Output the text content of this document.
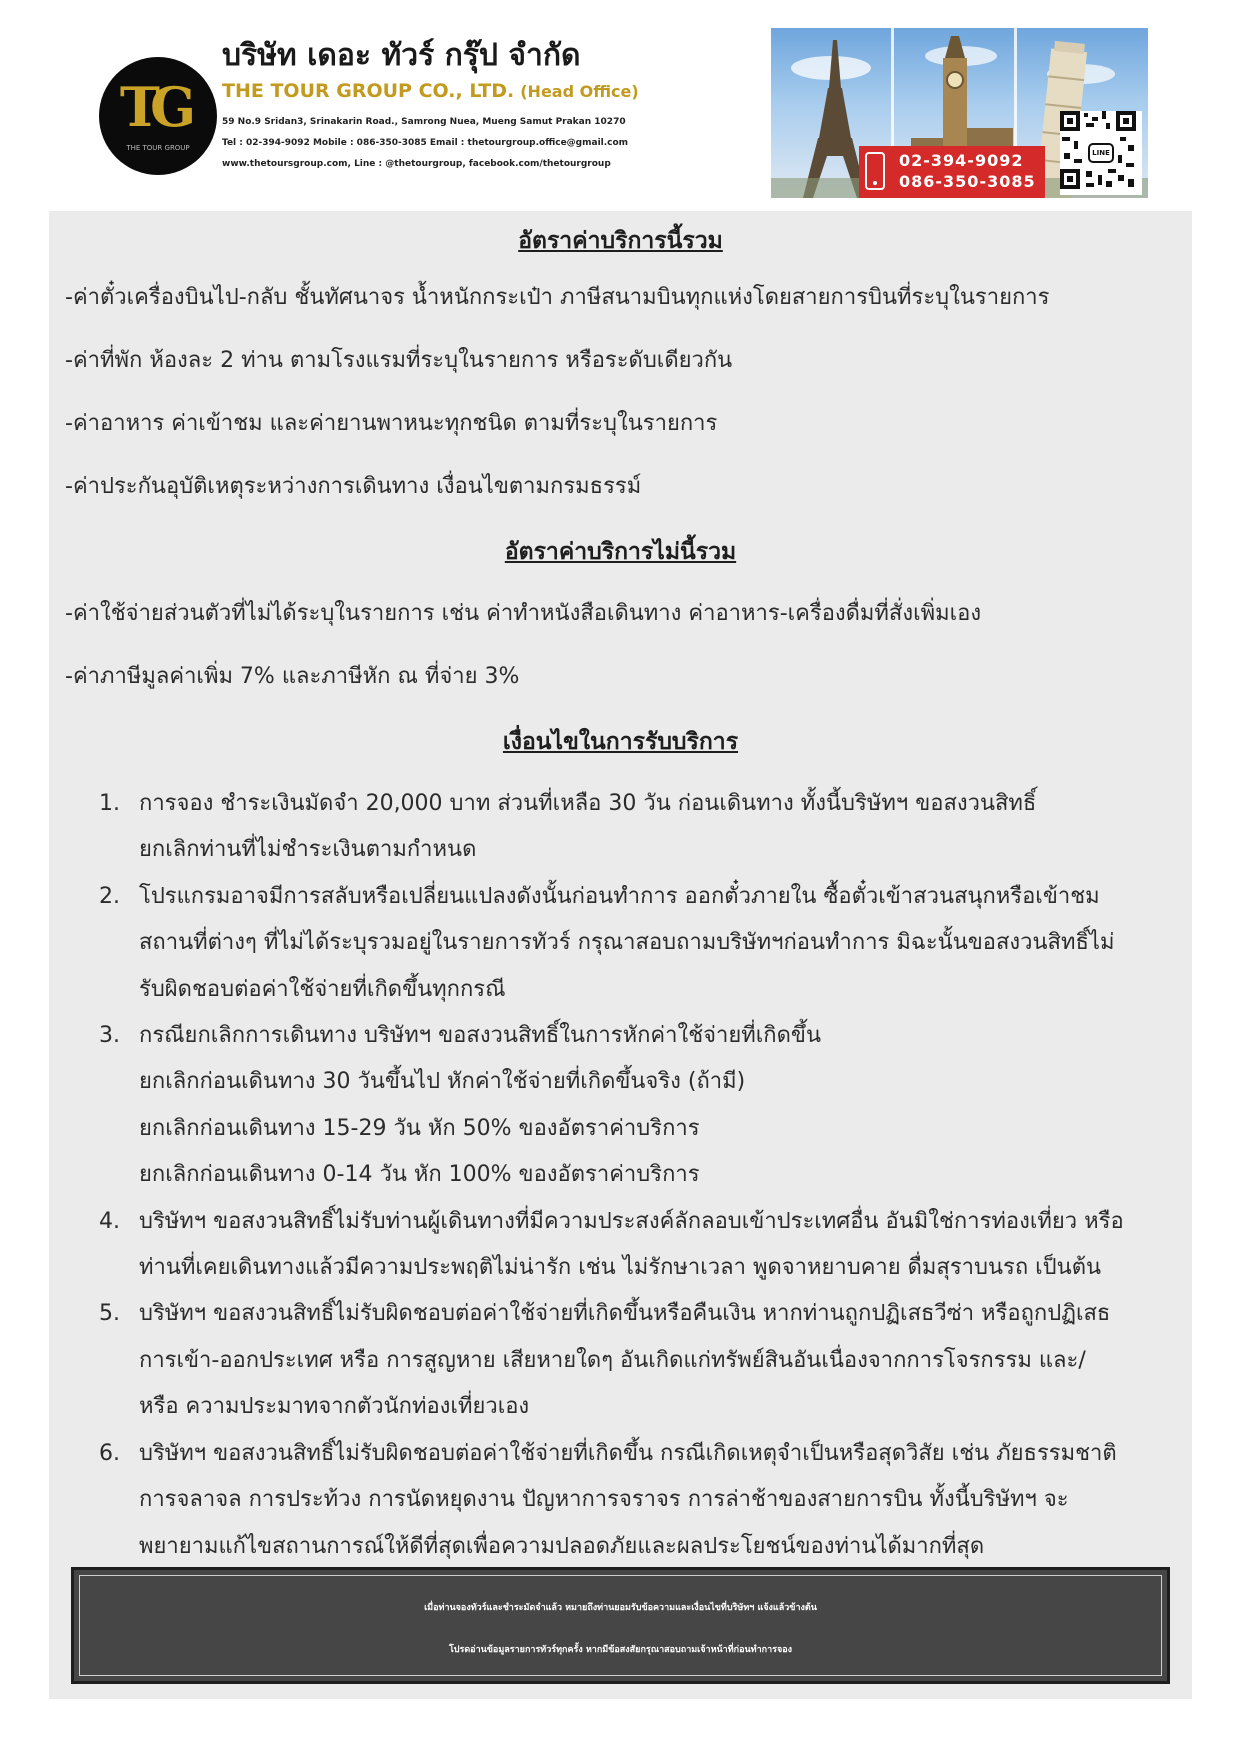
TG
THE TOUR GROUP
บริษัท เดอะ ทัวร์ กรุ๊ป จำกัด
THE TOUR GROUP CO., LTD. (Head Office)
59 No.9 Sridan3, Srinakarin Road., Samrong Nuea, Mueng Samut Prakan 10270
Tel : 02-394-9092 Mobile : 086-350-3085 Email : thetourgroup.office@gmail.com
www.thetoursgroup.com, Line : @thetourgroup, facebook.com/thetourgroup	02-394-9092
086-350-3085
LINE
อัตราค่าบริการนี้รวม
-ค่าตั๋วเครื่องบินไป-กลับ ชั้นทัศนาจร น้ำหนักกระเป๋า ภาษีสนามบินทุกแห่งโดยสายการบินที่ระบุในรายการ
-ค่าที่พัก ห้องละ 2 ท่าน ตามโรงแรมที่ระบุในรายการ หรือระดับเดียวกัน
-ค่าอาหาร ค่าเข้าชม และค่ายานพาหนะทุกชนิด ตามที่ระบุในรายการ
-ค่าประกันอุบัติเหตุระหว่างการเดินทาง เงื่อนไขตามกรมธรรม์
อัตราค่าบริการไม่นี้รวม
-ค่าใช้จ่ายส่วนตัวที่ไม่ได้ระบุในรายการ เช่น ค่าทำหนังสือเดินทาง ค่าอาหาร-เครื่องดื่มที่สั่งเพิ่มเอง
-ค่าภาษีมูลค่าเพิ่ม 7% และภาษีหัก ณ ที่จ่าย 3%
เงื่อนไขในการรับบริการ
1. การจอง ชำระเงินมัดจำ 20,000 บาท ส่วนที่เหลือ 30 วัน ก่อนเดินทาง ทั้งนี้บริษัทฯ ขอสงวนสิทธิ์
ยกเลิกท่านที่ไม่ชำระเงินตามกำหนด
2. โปรแกรมอาจมีการสลับหรือเปลี่ยนแปลงดังนั้นก่อนทำการ ออกตั๋วภายใน ซื้อตั๋วเข้าสวนสนุกหรือเข้าชม
สถานที่ต่างๆ ที่ไม่ได้ระบุรวมอยู่ในรายการทัวร์ กรุณาสอบถามบริษัทฯก่อนทำการ มิฉะนั้นขอสงวนสิทธิ์ไม่
รับผิดชอบต่อค่าใช้จ่ายที่เกิดขึ้นทุกกรณี
3. กรณียกเลิกการเดินทาง บริษัทฯ ขอสงวนสิทธิ์ในการหักค่าใช้จ่ายที่เกิดขึ้น
ยกเลิกก่อนเดินทาง 30 วันขึ้นไป หักค่าใช้จ่ายที่เกิดขึ้นจริง (ถ้ามี)
ยกเลิกก่อนเดินทาง 15-29 วัน หัก 50% ของอัตราค่าบริการ
ยกเลิกก่อนเดินทาง 0-14 วัน หัก 100% ของอัตราค่าบริการ
4. บริษัทฯ ขอสงวนสิทธิ์ไม่รับท่านผู้เดินทางที่มีความประสงค์ลักลอบเข้าประเทศอื่น อันมิใช่การท่องเที่ยว หรือ
ท่านที่เคยเดินทางแล้วมีความประพฤติไม่น่ารัก เช่น ไม่รักษาเวลา พูดจาหยาบคาย ดื่มสุราบนรถ เป็นต้น
5. บริษัทฯ ขอสงวนสิทธิ์ไม่รับผิดชอบต่อค่าใช้จ่ายที่เกิดขึ้นหรือคืนเงิน หากท่านถูกปฏิเสธวีซ่า หรือถูกปฏิเสธ
การเข้า-ออกประเทศ หรือ การสูญหาย เสียหายใดๆ อันเกิดแก่ทรัพย์สินอันเนื่องจากการโจรกรรม และ/
หรือ ความประมาทจากตัวนักท่องเที่ยวเอง
6. บริษัทฯ ขอสงวนสิทธิ์ไม่รับผิดชอบต่อค่าใช้จ่ายที่เกิดขึ้น กรณีเกิดเหตุจำเป็นหรือสุดวิสัย เช่น ภัยธรรมชาติ
การจลาจล การประท้วง การนัดหยุดงาน ปัญหาการจราจร การล่าช้าของสายการบิน ทั้งนี้บริษัทฯ จะ
พยายามแก้ไขสถานการณ์ให้ดีที่สุดเพื่อความปลอดภัยและผลประโยชน์ของท่านได้มากที่สุด
เมื่อท่านจองทัวร์และชำระมัดจำแล้ว หมายถึงท่านยอมรับข้อความและเงื่อนไขที่บริษัทฯ แจ้งแล้วข้างต้น
โปรดอ่านข้อมูลรายการทัวร์ทุกครั้ง หากมีข้อสงสัยกรุณาสอบถามเจ้าหน้าที่ก่อนทำการจอง
